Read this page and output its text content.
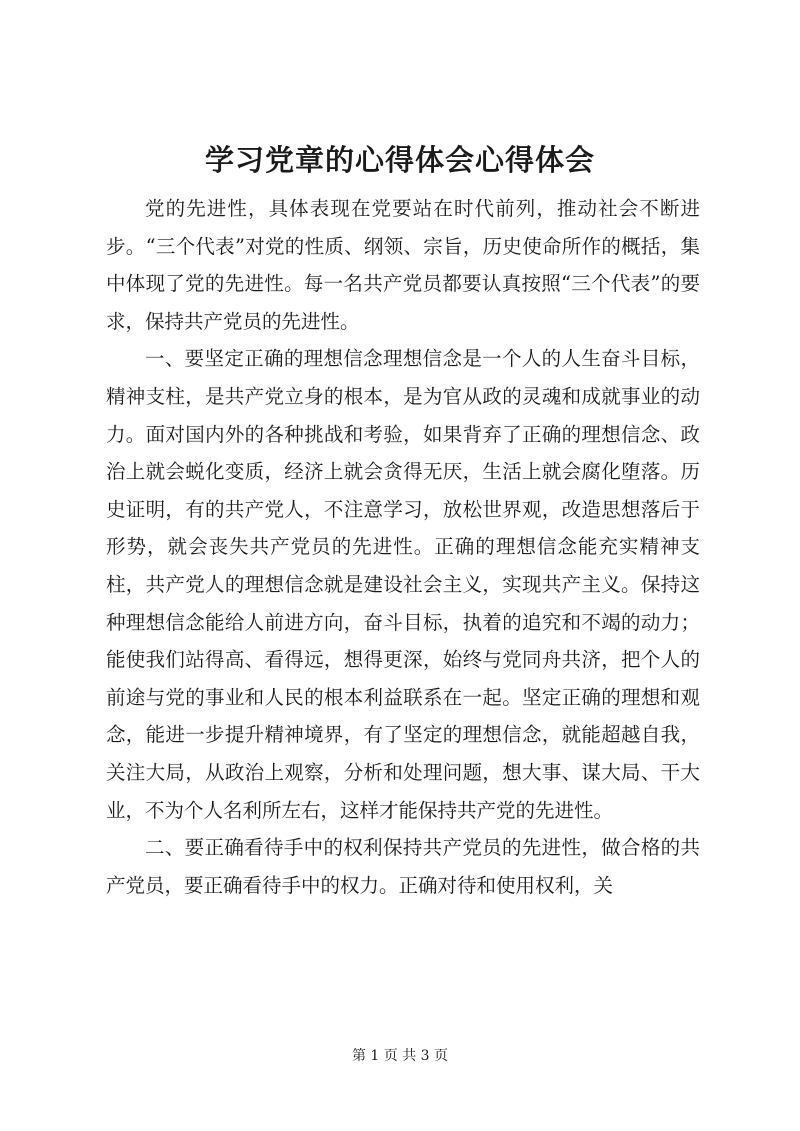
学习党章的心得体会心得体会

党的先进性，具体表现在党要站在时代前列，推动社会不断进步。“三个代表”对党的性质、纲领、宗旨，历史使命所作的概括，集中体现了党的先进性。每一名共产党员都要认真按照“三个代表”的要求，保持共产党员的先进性。

一、要坚定正确的理想信念理想信念是一个人的人生奋斗目标，精神支柱，是共产党立身的根本，是为官从政的灵魂和成就事业的动力。面对国内外的各种挑战和考验，如果背弃了正确的理想信念、政治上就会蜕化变质，经济上就会贪得无厌，生活上就会腐化堕落。历史证明，有的共产党人，不注意学习，放松世界观，改造思想落后于形势，就会丧失共产党员的先进性。正确的理想信念能充实精神支柱，共产党人的理想信念就是建设社会主义，实现共产主义。保持这种理想信念能给人前进方向，奋斗目标，执着的追究和不竭的动力；能使我们站得高、看得远，想得更深，始终与党同舟共济，把个人的前途与党的事业和人民的根本利益联系在一起。坚定正确的理想和观念，能进一步提升精神境界，有了坚定的理想信念，就能超越自我，关注大局，从政治上观察，分析和处理问题，想大事、谋大局、干大业，不为个人名利所左右，这样才能保持共产党的先进性。

二、要正确看待手中的权利保持共产党员的先进性，做合格的共产党员，要正确看待手中的权力。正确对待和使用权利，关

第 1 页 共 3 页
